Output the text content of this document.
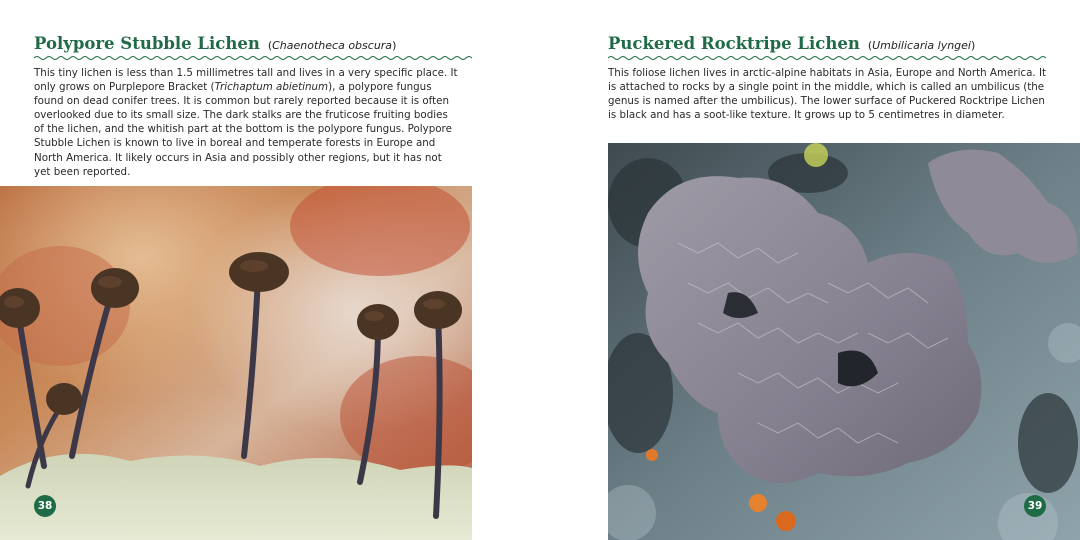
Polypore Stubble Lichen (Chaenotheca obscura)

This tiny lichen is less than 1.5 millimetres tall and lives in a very specific place. It only grows on Purplepore Bracket (Trichaptum abietinum), a polypore fungus found on dead conifer trees. It is common but rarely reported because it is often overlooked due to its small size. The dark stalks are the fruticose fruiting bodies of the lichen, and the whitish part at the bottom is the polypore fungus. Polypore Stubble Lichen is known to live in boreal and temperate forests in Europe and North America. It likely occurs in Asia and possibly other regions, but it has not yet been reported.

38
Puckered Rocktripe Lichen (Umbilicaria lyngei)

This foliose lichen lives in arctic-alpine habitats in Asia, Europe and North America. It is attached to rocks by a single point in the middle, which is called an umbilicus (the genus is named after the umbilicus). The lower surface of Puckered Rocktripe Lichen is black and has a soot-like texture. It grows up to 5 centimetres in diameter.

39
